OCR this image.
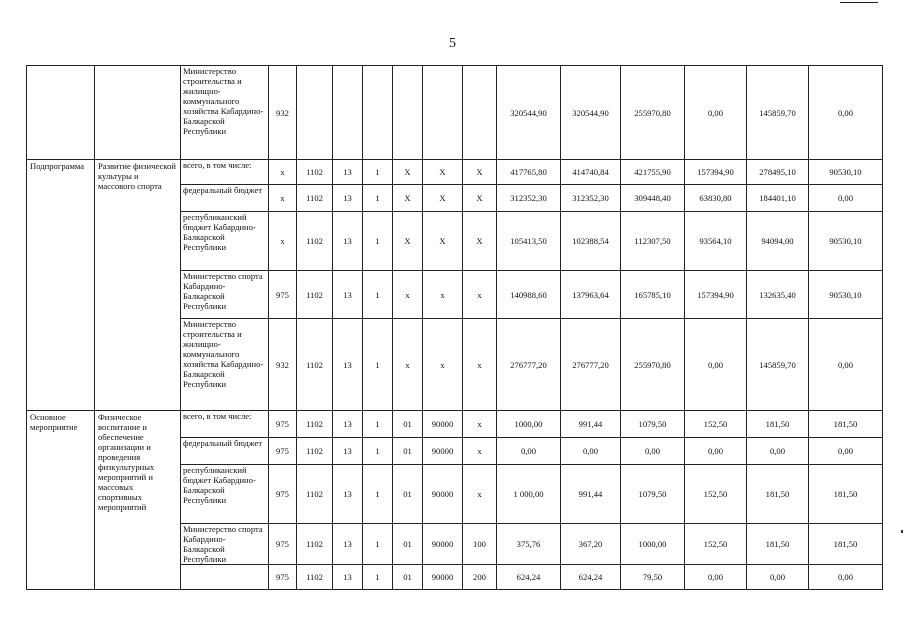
5
		Министерство строительства и жилищно-коммунального хозяйства Кабардино-Балкарской Республики	932							320544,90	320544,90	255970,80	0,00	145859,70	0,00
Подпрограмма	Развитие физической культуры и массового спорта	всего, в том числе:	x	1102	13	1	X	X	X	417765,80	414740,84	421755,90	157394,90	278495,10	90530,10
		федеральный бюджет	x	1102	13	1	X	X	X	312352,30	312352,30	309448,40	63830,80	184401,10	0,00
		республиканский бюджет Кабардино-Балкарской Республики	x	1102	13	1	X	X	X	105413,50	102388,54	112307,50	93564,10	94094,00	90530,10
		Министерство спорта Кабардино-Балкарской Республики	975	1102	13	1	x	x	x	140988,60	137963,64	165785,10	157394,90	132635,40	90530,10
		Министерство строительства и жилищно-коммунального хозяйства Кабардино-Балкарской Республики	932	1102	13	1	x	x	x	276777,20	276777,20	255970,80	0,00	145859,70	0,00
Основное мероприятие	Физическое воспитание и обеспечение организации и проведения физкультурных мероприятий и массовых спортивных мероприятий	всего, в том числе:	975	1102	13	1	01	90000	x	1000,00	991,44	1079,50	152,50	181,50	181,50
		федеральный бюджет	975	1102	13	1	01	90000	x	0,00	0,00	0,00	0,00	0,00	0,00
		республиканский бюджет Кабардино-Балкарской Республики	975	1102	13	1	01	90000	x	1 000,00	991,44	1079,50	152,50	181,50	181,50
		Министерство спорта Кабардино-Балкарской Республики	975	1102	13	1	01	90000	100	375,76	367,20	1000,00	152,50	181,50	181,50
			975	1102	13	1	01	90000	200	624,24	624,24	79,50	0,00	0,00	0,00
